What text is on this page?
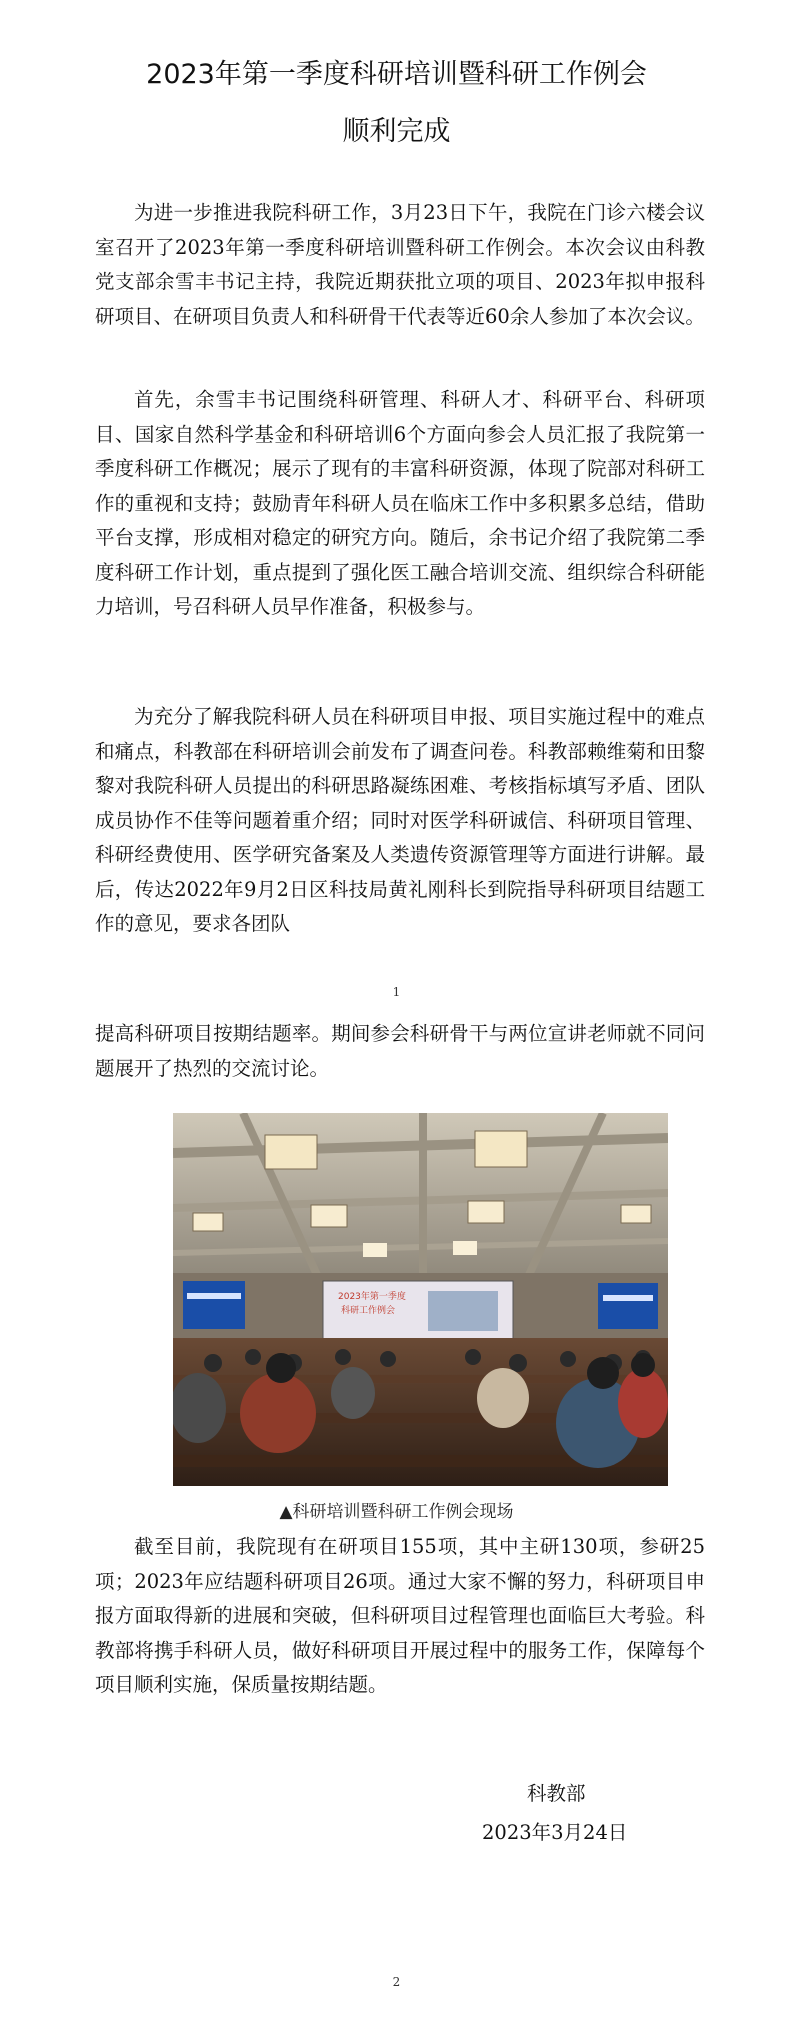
2023年第一季度科研培训暨科研工作例会
顺利完成

为进一步推进我院科研工作，3月23日下午，我院在门诊六楼会议室召开了2023年第一季度科研培训暨科研工作例会。本次会议由科教党支部余雪丰书记主持，我院近期获批立项的项目、2023年拟申报科研项目、在研项目负责人和科研骨干代表等近60余人参加了本次会议。

首先，余雪丰书记围绕科研管理、科研人才、科研平台、科研项目、国家自然科学基金和科研培训6个方面向参会人员汇报了我院第一季度科研工作概况；展示了现有的丰富科研资源，体现了院部对科研工作的重视和支持；鼓励青年科研人员在临床工作中多积累多总结，借助平台支撑，形成相对稳定的研究方向。随后，余书记介绍了我院第二季度科研工作计划，重点提到了强化医工融合培训交流、组织综合科研能力培训，号召科研人员早作准备，积极参与。

为充分了解我院科研人员在科研项目申报、项目实施过程中的难点和痛点，科教部在科研培训会前发布了调查问卷。科教部赖维菊和田黎黎对我院科研人员提出的科研思路凝练困难、考核指标填写矛盾、团队成员协作不佳等问题着重介绍；同时对医学科研诚信、科研项目管理、科研经费使用、医学研究备案及人类遗传资源管理等方面进行讲解。最后，传达2022年9月2日区科技局黄礼刚科长到院指导科研项目结题工作的意见，要求各团队

1

提高科研项目按期结题率。期间参会科研骨干与两位宣讲老师就不同问题展开了热烈的交流讨论。

2023年第一季度
科研工作例会
▲科研培训暨科研工作例会现场

截至目前，我院现有在研项目155项，其中主研130项，参研25项；2023年应结题科研项目26项。通过大家不懈的努力，科研项目申报方面取得新的进展和突破，但科研项目过程管理也面临巨大考验。科教部将携手科研人员，做好科研项目开展过程中的服务工作，保障每个项目顺利实施，保质量按期结题。

科教部
2023年3月24日
2
